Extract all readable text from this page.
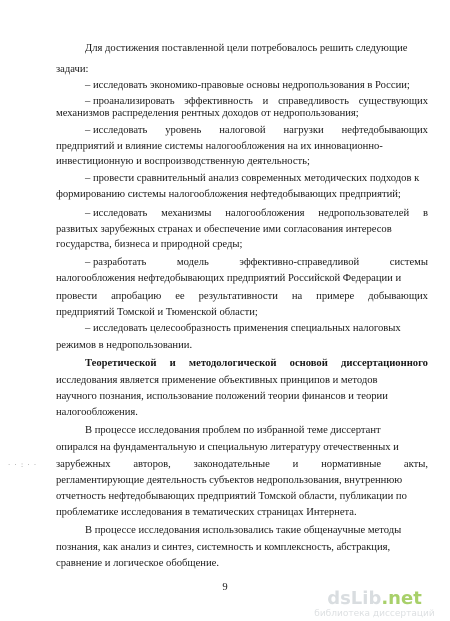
Для достижения поставленной цели потребовалось решить следующие
задачи:
– исследовать экономико-правовые основы недропользования в России;
– проанализировать эффективность и справедливость существующих
механизмов распределения рентных доходов от недропользования;
– исследовать уровень налоговой нагрузки нефтедобывающих
предприятий и влияние системы налогообложения на их инновационно-
инвестиционную и воспроизводственную деятельность;
– провести сравнительный анализ современных методических подходов к
формированию системы налогообложения нефтедобывающих предприятий;
– исследовать механизмы налогообложения недропользователей в
развитых зарубежных странах и обеспечение ими согласования интересов
государства, бизнеса и природной среды;
– разработать	модель	эффективно-справедливой	системы
налогообложения нефтедобывающих предприятий Российской Федерации и
провести апробацию ее результативности на примере добывающих
предприятий Томской и Тюменской области;
– исследовать целесообразность применения специальных налоговых
режимов в недропользовании.
Теоретической и методологической основой диссертационного
исследования является применение объективных принципов и методов
научного познания, использование положений теории финансов и теории
налогообложения.
В процессе исследования проблем по избранной теме диссертант
опирался на фундаментальную и специальную литературу отечественных и
зарубежных авторов, законодательные и нормативные акты,
регламентирующие деятельность субъектов недропользования, внутреннюю
отчетность нефтедобывающих предприятий Томской области, публикации по
проблематике исследования в тематических страницах Интернета.
В процессе исследования использовались такие общенаучные методы
познания, как анализ и синтез, системность и комплексность, абстракция,
сравнение и логическое обобщение.
· · : · ·
9
dsLib.net
библиотека диссертаций
